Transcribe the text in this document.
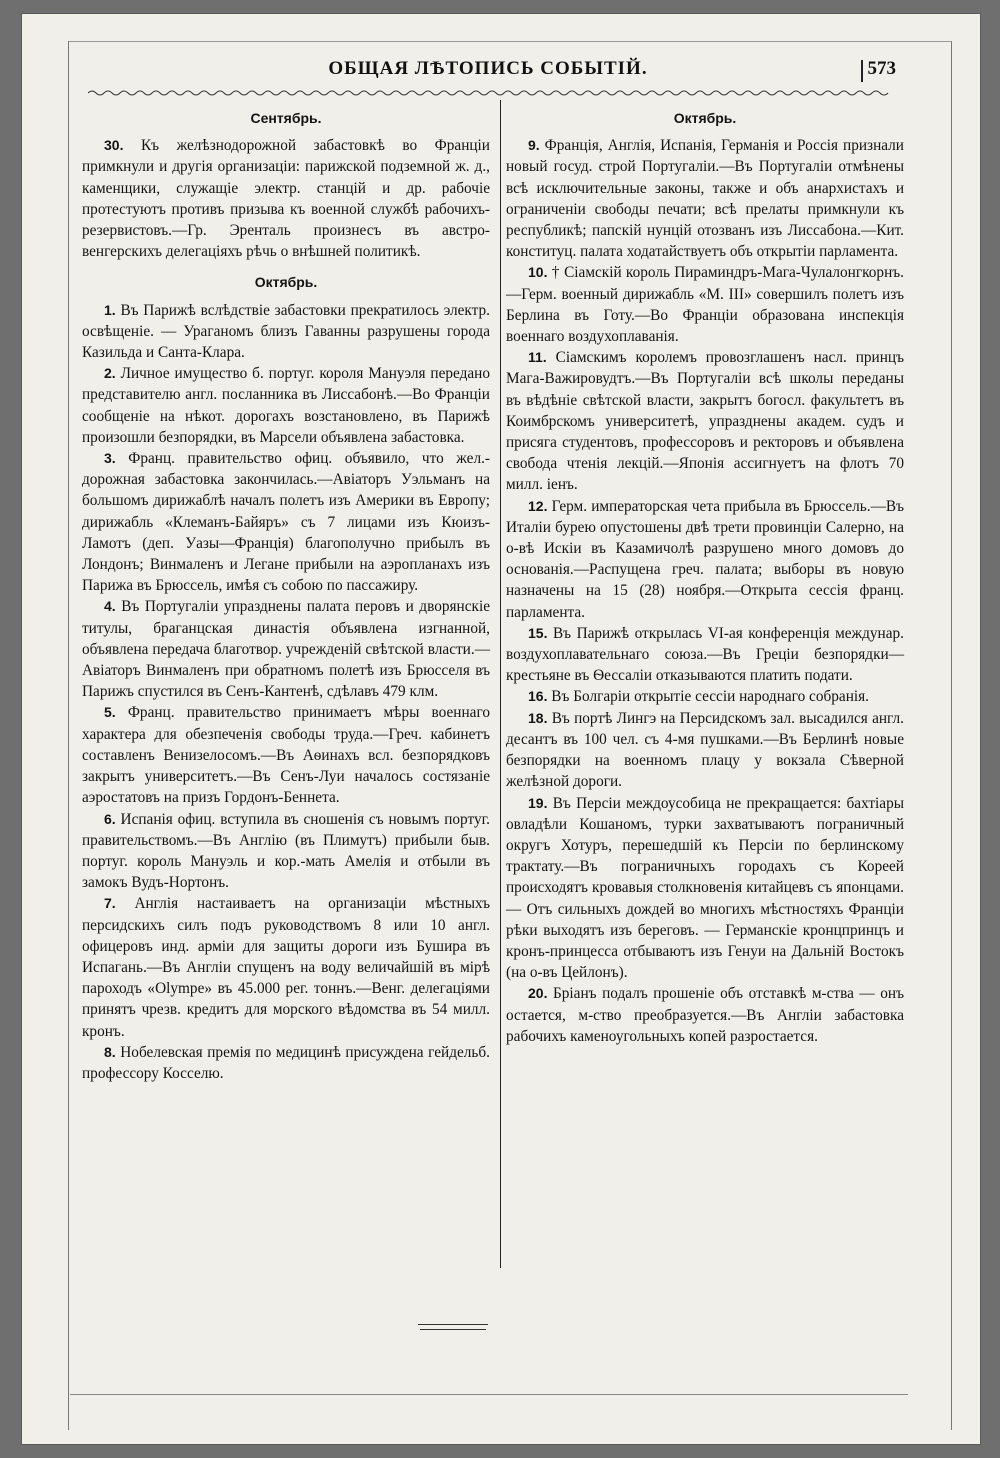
ОБЩАЯ ЛѢТОПИСЬ СОБЫТІЙ.	573
Сентябрь.

30. Къ желѣзнодорожной забастовкѣ во Франціи примкнули и другія организаціи: парижской подземной ж. д., каменщики, служащіе электр. станцій и др. рабочіе протестуютъ противъ призыва къ военной службѣ рабочихъ-резервистовъ.—Гр. Эренталь произнесъ въ австро-венгерскихъ делегаціяхъ рѣчь о внѣшней политикѣ.

Октябрь.

1. Въ Парижѣ вслѣдствіе забастовки прекратилось электр. освѣщеніе. — Ураганомъ близъ Гаванны разрушены города Казильда и Санта-Клара.

2. Личное имущество б. португ. короля Мануэля передано представителю англ. посланника въ Лиссабонѣ.—Во Франціи сообщеніе на нѣкот. дорогахъ возстановлено, въ Парижѣ произошли безпорядки, въ Марсели объявлена забастовка.

3. Франц. правительство офиц. объявило, что жел.-дорожная забастовка закончилась.—Авіаторъ Уэльманъ на большомъ дирижаблѣ началъ полетъ изъ Америки въ Европу; дирижабль «Клеманъ-Байяръ» съ 7 лицами изъ Кюизъ-Ламотъ (деп. Уазы—Франція) благополучно прибылъ въ Лондонъ; Винмаленъ и Легане прибыли на аэропланахъ изъ Парижа въ Брюссель, имѣя съ собою по пассажиру.

4. Въ Португаліи упразднены палата перовъ и дворянскіе титулы, браганцская династія объявлена изгнанной, объявлена передача благотвор. учрежденій свѣтской власти.—Авіаторъ Винмаленъ при обратномъ полетѣ изъ Брюсселя въ Парижъ спустился въ Сенъ-Кантенѣ, сдѣлавъ 479 клм.

5. Франц. правительство принимаетъ мѣры военнаго характера для обезпеченія свободы труда.—Греч. кабинетъ составленъ Венизелосомъ.—Въ Аѳинахъ всл. безпорядковъ закрытъ университетъ.—Въ Сенъ-Луи началось состязаніе аэростатовъ на призъ Гордонъ-Беннета.

6. Испанія офиц. вступила въ сношенія съ новымъ португ. правительствомъ.—Въ Англію (въ Плимутъ) прибыли быв. португ. король Мануэль и кор.-мать Амелія и отбыли въ замокъ Вудъ-Нортонъ.

7. Англія настаиваетъ на организаціи мѣстныхъ персидскихъ силъ подъ руководствомъ 8 или 10 англ. офицеровъ инд. арміи для защиты дороги изъ Бушира въ Испагань.—Въ Англіи спущенъ на воду величайшій въ мірѣ пароходъ «Olympe» въ 45.000 рег. тоннъ.—Венг. делегаціями принятъ чрезв. кредитъ для морского вѣдомства въ 54 милл. кронъ.

8. Нобелевская премія по медицинѣ присуждена гейдельб. профессору Косселю.

Октябрь.

9. Франція, Англія, Испанія, Германія и Россія признали новый госуд. строй Португаліи.—Въ Португаліи отмѣнены всѣ исключительные законы, также и объ анархистахъ и ограниченіи свободы печати; всѣ прелаты примкнули къ республикѣ; папскій нунцій отозванъ изъ Лиссабона.—Кит. конституц. палата ходатайствуетъ объ открытіи парламента.

10. † Сіамскій король Пираминдръ-Мага-Чулалонгкорнъ.—Герм. военный дирижабль «М. III» совершилъ полетъ изъ Берлина въ Готу.—Во Франціи образована инспекція военнаго воздухоплаванія.

11. Сіамскимъ королемъ провозглашенъ насл. принцъ Мага-Важировудтъ.—Въ Португаліи всѣ школы переданы въ вѣдѣніе свѣтской власти, закрытъ богосл. факультетъ въ Коимбрскомъ университетѣ, упразднены академ. судъ и присяга студентовъ, профессоровъ и ректоровъ и объявлена свобода чтенія лекцій.—Японія ассигнуетъ на флотъ 70 милл. іенъ.

12. Герм. императорская чета прибыла въ Брюссель.—Въ Италіи бурею опустошены двѣ трети провинціи Салерно, на о-вѣ Искіи въ Казамичолѣ разрушено много домовъ до основанія.—Распущена греч. палата; выборы въ новую назначены на 15 (28) ноября.—Открыта сессія франц. парламента.

15. Въ Парижѣ открылась VI-ая конференція междунар. воздухоплавательнаго союза.—Въ Греціи безпорядки—крестьяне въ Ѳессаліи отказываются платить подати.

16. Въ Болгаріи открытіе сессіи народнаго собранія.

18. Въ портѣ Лингэ на Персидскомъ зал. высадился англ. десантъ въ 100 чел. съ 4-мя пушками.—Въ Берлинѣ новые безпорядки на военномъ плацу у вокзала Сѣверной желѣзной дороги.

19. Въ Персіи междоусобица не прекращается: бахтіары овладѣли Кошаномъ, турки захватываютъ пограничный округъ Хотуръ, перешедшій къ Персіи по берлинскому трактату.—Въ пограничныхъ городахъ съ Кореей происходятъ кровавыя столкновенія китайцевъ съ японцами. — Отъ сильныхъ дождей во многихъ мѣстностяхъ Франціи рѣки выходятъ изъ береговъ. — Германскіе кронцпринцъ и кронъ-принцесса отбываютъ изъ Генуи на Дальній Востокъ (на о-въ Цейлонъ).

20. Бріанъ подалъ прошеніе объ отставкѣ м-ства — онъ остается, м-ство преобразуется.—Въ Англіи забастовка рабочихъ каменоугольныхъ копей разростается.
